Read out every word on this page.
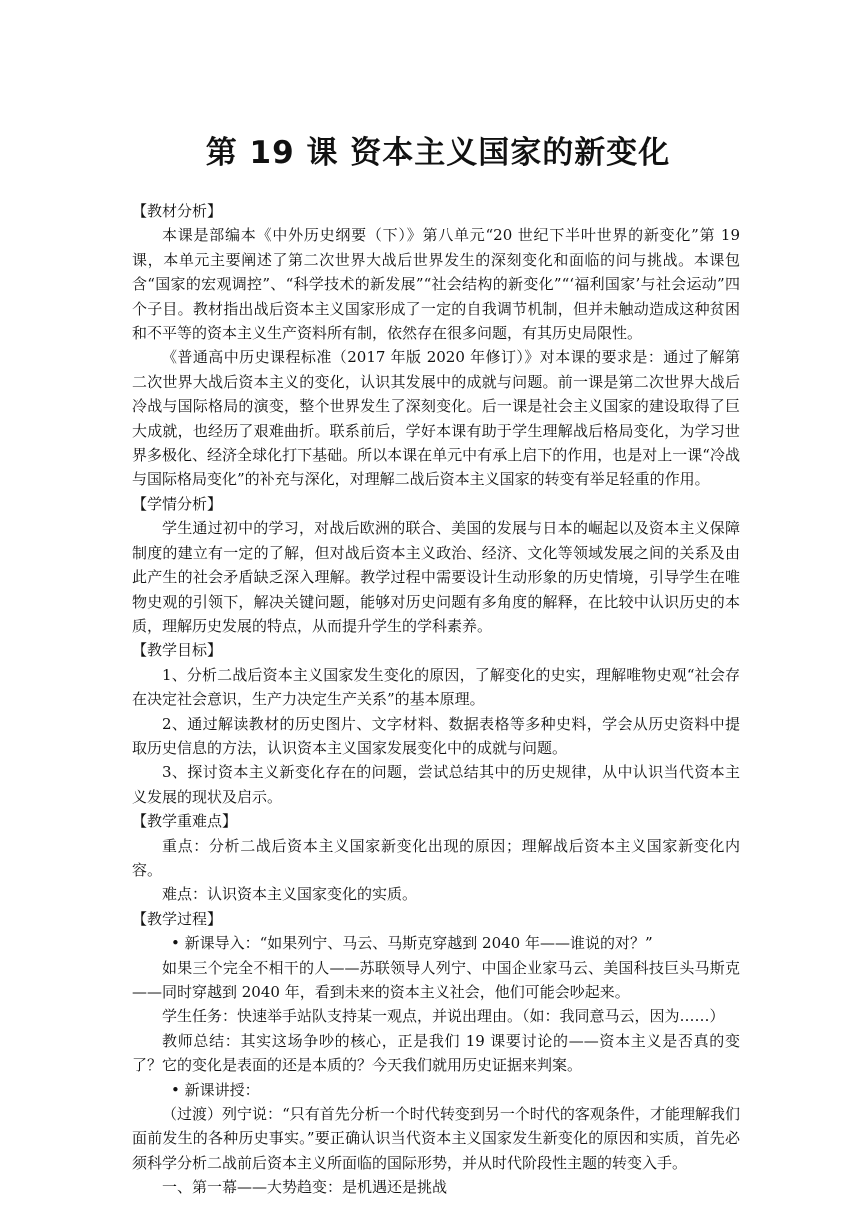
第 19 课 资本主义国家的新变化
【教材分析】

本课是部编本《中外历史纲要（下）》第八单元“20 世纪下半叶世界的新变化”第 19 课，本单元主要阐述了第二次世界大战后世界发生的深刻变化和面临的问与挑战。本课包含“国家的宏观调控”、“科学技术的新发展”“社会结构的新变化”“‘福利国家’与社会运动”四个子目。教材指出战后资本主义国家形成了一定的自我调节机制，但并未触动造成这种贫困和不平等的资本主义生产资料所有制，依然存在很多问题，有其历史局限性。

《普通高中历史课程标准（2017 年版 2020 年修订）》对本课的要求是：通过了解第二次世界大战后资本主义的变化，认识其发展中的成就与问题。前一课是第二次世界大战后冷战与国际格局的演变，整个世界发生了深刻变化。后一课是社会主义国家的建设取得了巨大成就，也经历了艰难曲折。联系前后，学好本课有助于学生理解战后格局变化，为学习世界多极化、经济全球化打下基础。所以本课在单元中有承上启下的作用，也是对上一课“冷战与国际格局变化”的补充与深化，对理解二战后资本主义国家的转变有举足轻重的作用。

【学情分析】

学生通过初中的学习，对战后欧洲的联合、美国的发展与日本的崛起以及资本主义保障制度的建立有一定的了解，但对战后资本主义政治、经济、文化等领域发展之间的关系及由此产生的社会矛盾缺乏深入理解。教学过程中需要设计生动形象的历史情境，引导学生在唯物史观的引领下，解决关键问题，能够对历史问题有多角度的解释，在比较中认识历史的本质，理解历史发展的特点，从而提升学生的学科素养。

【教学目标】

1、分析二战后资本主义国家发生变化的原因，了解变化的史实，理解唯物史观“社会存在决定社会意识，生产力决定生产关系”的基本原理。

2、通过解读教材的历史图片、文字材料、数据表格等多种史料，学会从历史资料中提取历史信息的方法，认识资本主义国家发展变化中的成就与问题。

3、探讨资本主义新变化存在的问题，尝试总结其中的历史规律，从中认识当代资本主义发展的现状及启示。

【教学重难点】

重点：分析二战后资本主义国家新变化出现的原因；理解战后资本主义国家新变化内容。

难点：认识资本主义国家变化的实质。

【教学过程】

• 新课导入：“如果列宁、马云、马斯克穿越到 2040 年——谁说的对？”

如果三个完全不相干的人——苏联领导人列宁、中国企业家马云、美国科技巨头马斯克——同时穿越到 2040 年，看到未来的资本主义社会，他们可能会吵起来。

学生任务：快速举手站队支持某一观点，并说出理由。（如：我同意马云，因为……）

教师总结：其实这场争吵的核心，正是我们 19 课要讨论的——资本主义是否真的变了？它的变化是表面的还是本质的？今天我们就用历史证据来判案。

• 新课讲授：

（过渡）列宁说：“只有首先分析一个时代转变到另一个时代的客观条件，才能理解我们面前发生的各种历史事实。”要正确认识当代资本主义国家发生新变化的原因和实质，首先必须科学分析二战前后资本主义所面临的国际形势，并从时代阶段性主题的转变入手。

一、第一幕——大势趋变：是机遇还是挑战
